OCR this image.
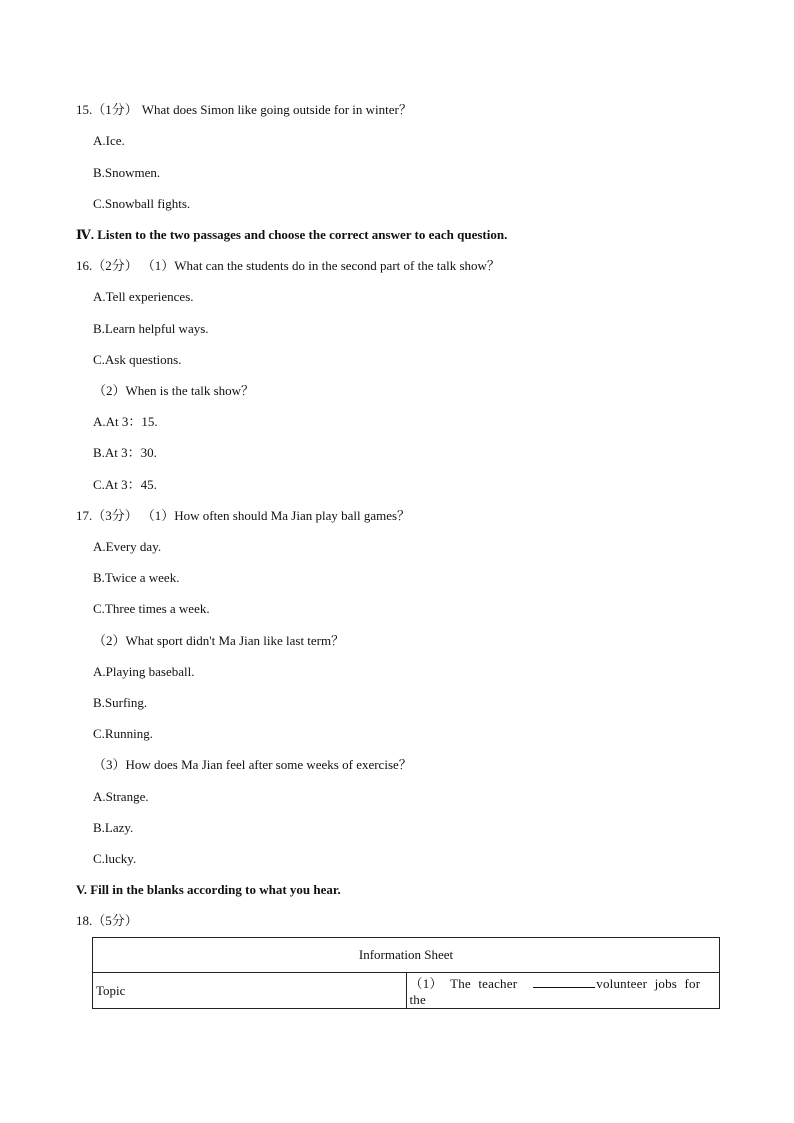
15.（1分） What does Simon like going outside for in winter？
A.Ice.
B.Snowmen.
C.Snowball fights.
Ⅳ. Listen to the two passages and choose the correct answer to each question.
16.（2分） （1）What can the students do in the second part of the talk show？
A.Tell experiences.
B.Learn helpful ways.
C.Ask questions.
（2）When is the talk show？
A.At 3：15.
B.At 3：30.
C.At 3：45.
17.（3分） （1）How often should Ma Jian play ball games？
A.Every day.
B.Twice a week.
C.Three times a week.
（2）What sport didn't Ma Jian like last term？
A.Playing baseball.
B.Surfing.
C.Running.
（3）How does Ma Jian feel after some weeks of exercise？
A.Strange.
B.Lazy.
C.lucky.
V. Fill in the blanks according to what you hear.
18.（5分）
Information Sheet
Topic	（1） The teacher	volunteer jobs for the
